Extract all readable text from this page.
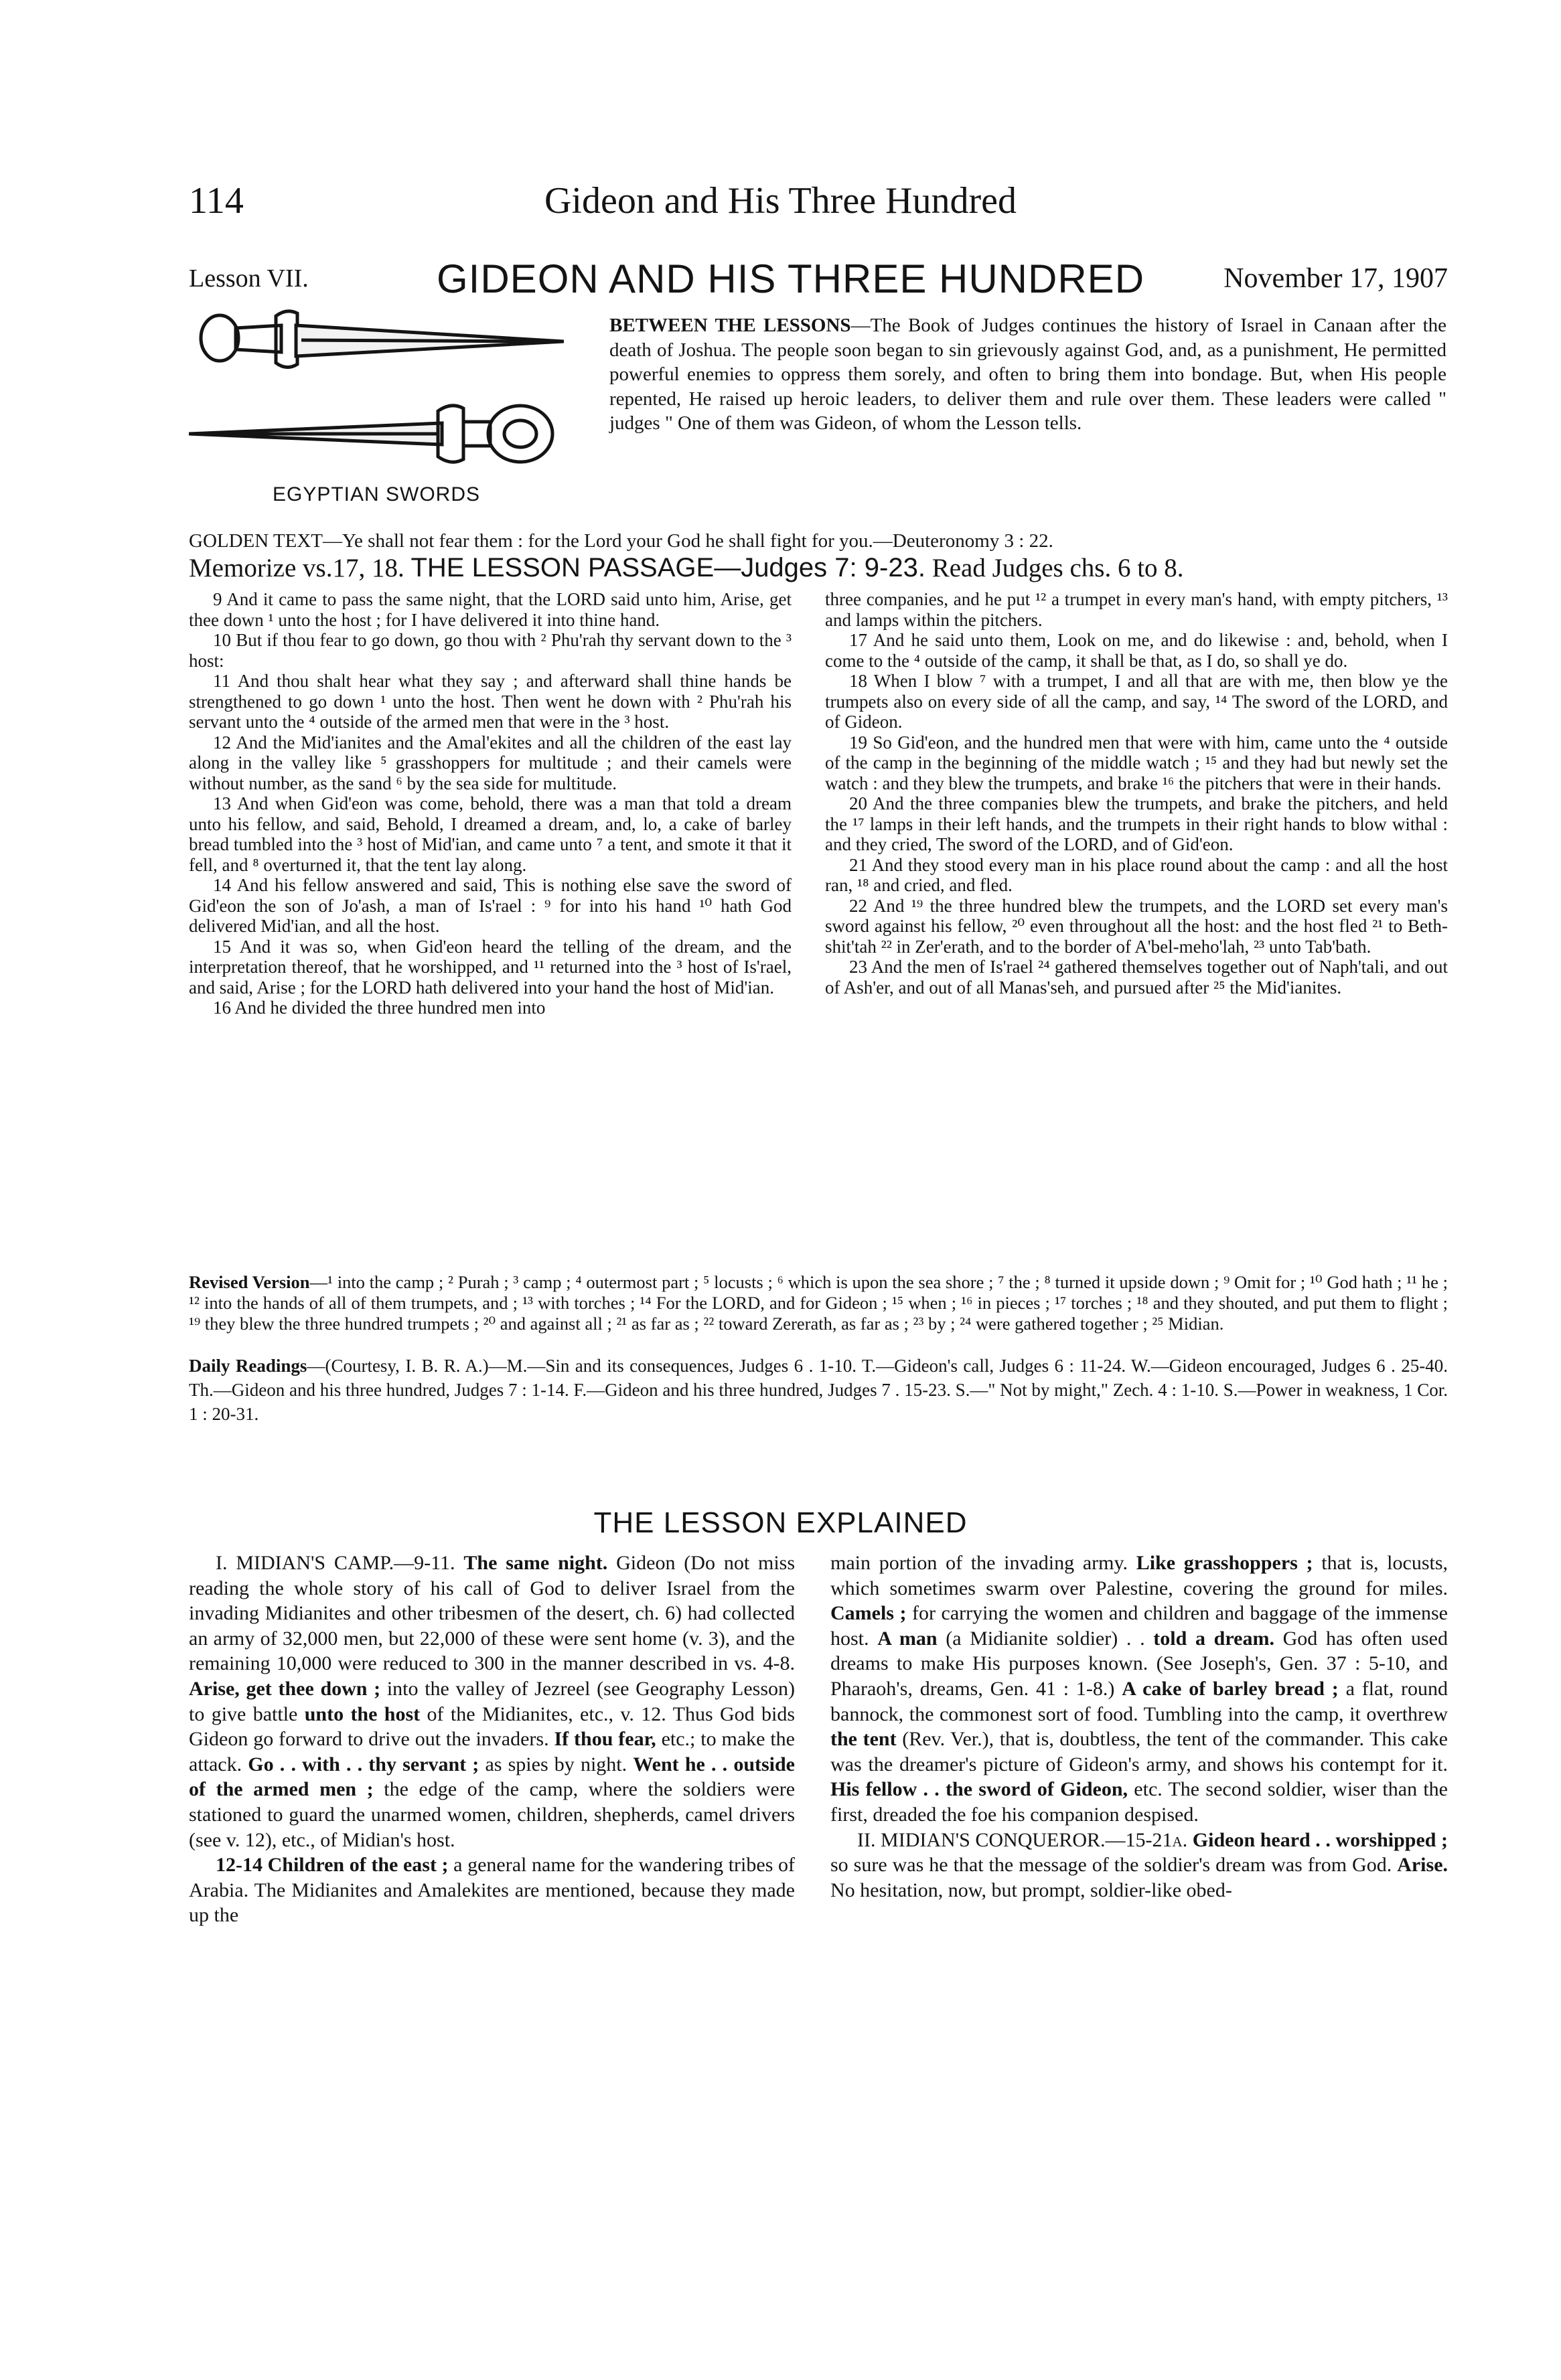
114	Gideon and His Three Hundred
Lesson VII.	GIDEON AND HIS THREE HUNDRED	November 17, 1907
EGYPTIAN SWORDS
BETWEEN THE LESSONS—The Book of Judges continues the history of Israel in Canaan after the death of Joshua. The people soon began to sin grievously against God, and, as a punishment, He permitted powerful enemies to oppress them sorely, and often to bring them into bondage. But, when His people repented, He raised up heroic leaders, to deliver them and rule over them. These leaders were called " judges " One of them was Gideon, of whom the Lesson tells.
GOLDEN TEXT—Ye shall not fear them : for the Lord your God he shall fight for you.—Deuteronomy 3 : 22.
Memorize vs.17, 18. THE LESSON PASSAGE—Judges 7: 9-23. Read Judges chs. 6 to 8.

9 And it came to pass the same night, that the LORD said unto him, Arise, get thee down ¹ unto the host ; for I have delivered it into thine hand.

10 But if thou fear to go down, go thou with ² Phu'rah thy servant down to the ³ host:

11 And thou shalt hear what they say ; and afterward shall thine hands be strengthened to go down ¹ unto the host. Then went he down with ² Phu'rah his servant unto the ⁴ outside of the armed men that were in the ³ host.

12 And the Mid'ianites and the Amal'ekites and all the children of the east lay along in the valley like ⁵ grasshoppers for multitude ; and their camels were without number, as the sand ⁶ by the sea side for multitude.

13 And when Gid'eon was come, behold, there was a man that told a dream unto his fellow, and said, Behold, I dreamed a dream, and, lo, a cake of barley bread tumbled into the ³ host of Mid'ian, and came unto ⁷ a tent, and smote it that it fell, and ⁸ overturned it, that the tent lay along.

14 And his fellow answered and said, This is nothing else save the sword of Gid'eon the son of Jo'ash, a man of Is'rael : ⁹ for into his hand ¹⁰ hath God delivered Mid'ian, and all the host.

15 And it was so, when Gid'eon heard the telling of the dream, and the interpretation thereof, that he worshipped, and ¹¹ returned into the ³ host of Is'rael, and said, Arise ; for the LORD hath delivered into your hand the host of Mid'ian.

16 And he divided the three hundred men into

three companies, and he put ¹² a trumpet in every man's hand, with empty pitchers, ¹³ and lamps within the pitchers.

17 And he said unto them, Look on me, and do likewise : and, behold, when I come to the ⁴ outside of the camp, it shall be that, as I do, so shall ye do.

18 When I blow ⁷ with a trumpet, I and all that are with me, then blow ye the trumpets also on every side of all the camp, and say, ¹⁴ The sword of the LORD, and of Gideon.

19 So Gid'eon, and the hundred men that were with him, came unto the ⁴ outside of the camp in the beginning of the middle watch ; ¹⁵ and they had but newly set the watch : and they blew the trumpets, and brake ¹⁶ the pitchers that were in their hands.

20 And the three companies blew the trumpets, and brake the pitchers, and held the ¹⁷ lamps in their left hands, and the trumpets in their right hands to blow withal : and they cried, The sword of the LORD, and of Gid'eon.

21 And they stood every man in his place round about the camp : and all the host ran, ¹⁸ and cried, and fled.

22 And ¹⁹ the three hundred blew the trumpets, and the LORD set every man's sword against his fellow, ²⁰ even throughout all the host: and the host fled ²¹ to Beth-shit'tah ²² in Zer'erath, and to the border of A'bel-meho'lah, ²³ unto Tab'bath.

23 And the men of Is'rael ²⁴ gathered themselves together out of Naph'tali, and out of Ash'er, and out of all Manas'seh, and pursued after ²⁵ the Mid'ianites.

Revised Version—¹ into the camp ; ² Purah ; ³ camp ; ⁴ outermost part ; ⁵ locusts ; ⁶ which is upon the sea shore ; ⁷ the ; ⁸ turned it upside down ; ⁹ Omit for ; ¹⁰ God hath ; ¹¹ he ; ¹² into the hands of all of them trumpets, and ; ¹³ with torches ; ¹⁴ For the LORD, and for Gideon ; ¹⁵ when ; ¹⁶ in pieces ; ¹⁷ torches ; ¹⁸ and they shouted, and put them to flight ; ¹⁹ they blew the three hundred trumpets ; ²⁰ and against all ; ²¹ as far as ; ²² toward Zererath, as far as ; ²³ by ; ²⁴ were gathered together ; ²⁵ Midian.
Daily Readings—(Courtesy, I. B. R. A.)—M.—Sin and its consequences, Judges 6 . 1-10. T.—Gideon's call, Judges 6 : 11-24. W.—Gideon encouraged, Judges 6 . 25-40. Th.—Gideon and his three hundred, Judges 7 : 1-14. F.—Gideon and his three hundred, Judges 7 . 15-23. S.—" Not by might," Zech. 4 : 1-10. S.—Power in weakness, 1 Cor. 1 : 20-31.
THE LESSON EXPLAINED

I. MIDIAN'S CAMP.—9-11. The same night. Gideon (Do not miss reading the whole story of his call of God to deliver Israel from the invading Midianites and other tribesmen of the desert, ch. 6) had collected an army of 32,000 men, but 22,000 of these were sent home (v. 3), and the remaining 10,000 were reduced to 300 in the manner described in vs. 4-8. Arise, get thee down ; into the valley of Jezreel (see Geography Lesson) to give battle unto the host of the Midianites, etc., v. 12. Thus God bids Gideon go forward to drive out the invaders. If thou fear, etc.; to make the attack. Go . . with . . thy servant ; as spies by night. Went he . . outside of the armed men ; the edge of the camp, where the soldiers were stationed to guard the unarmed women, children, shepherds, camel drivers (see v. 12), etc., of Midian's host.

12-14 Children of the east ; a general name for the wandering tribes of Arabia. The Midianites and Amalekites are mentioned, because they made up the

main portion of the invading army. Like grasshoppers ; that is, locusts, which sometimes swarm over Palestine, covering the ground for miles. Camels ; for carrying the women and children and baggage of the immense host. A man (a Midianite soldier) . . told a dream. God has often used dreams to make His purposes known. (See Joseph's, Gen. 37 : 5-10, and Pharaoh's, dreams, Gen. 41 : 1-8.) A cake of barley bread ; a flat, round bannock, the commonest sort of food. Tumbling into the camp, it overthrew the tent (Rev. Ver.), that is, doubtless, the tent of the commander. This cake was the dreamer's picture of Gideon's army, and shows his contempt for it. His fellow . . the sword of Gideon, etc. The second soldier, wiser than the first, dreaded the foe his companion despised.

II. MIDIAN'S CONQUEROR.—15-21a. Gideon heard . . worshipped ; so sure was he that the message of the soldier's dream was from God. Arise. No hesitation, now, but prompt, soldier-like obed-
